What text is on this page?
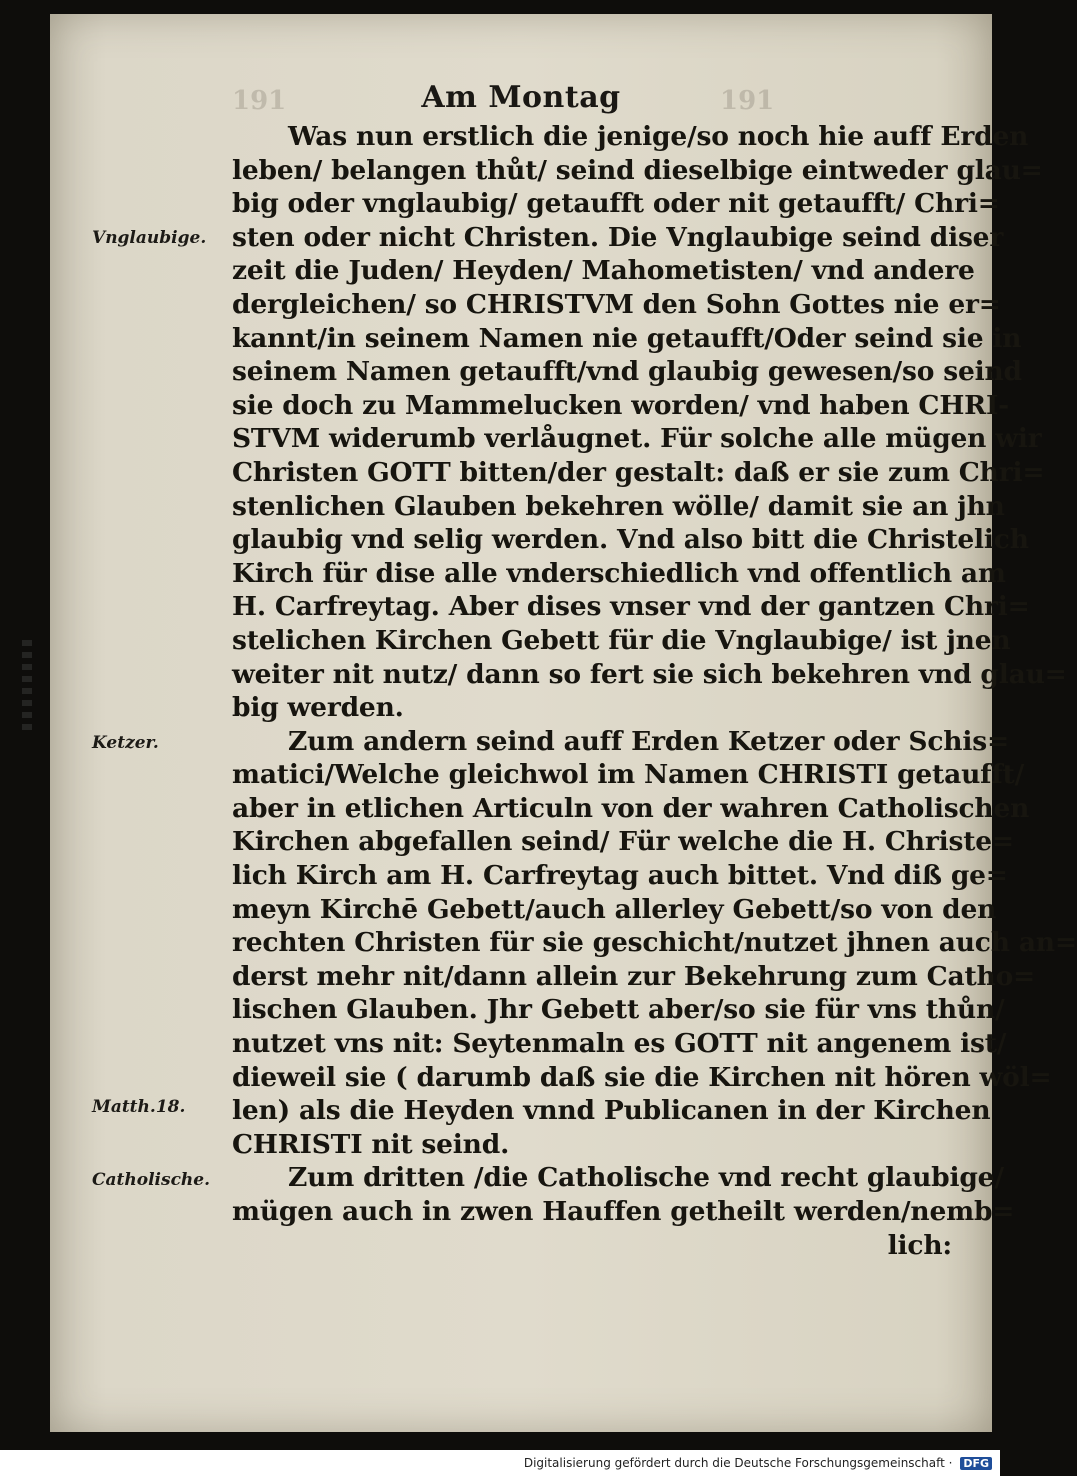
191	191
Am Montag
Vnglaubige.
Ketzer.
Matth.18.
Catholische.
Was nun erstlich die jenige/so noch hie auff Erden
leben/ belangen thůt/ seind dieselbige eintweder glau=
big oder vnglaubig/ getaufft oder nit getaufft/ Chri=
sten oder nicht Christen. Die Vnglaubige seind diser
zeit die Juden/ Heyden/ Mahometisten/ vnd andere
dergleichen/ so CHRISTVM den Sohn Gottes nie er=
kannt/in seinem Namen nie getaufft/Oder seind sie in
seinem Namen getaufft/vnd glaubig gewesen/so seind
sie doch zu Mammelucken worden/ vnd haben CHRI-
STVM widerumb verlåugnet. Für solche alle mügen wir
Christen GOTT bitten/der gestalt: daß er sie zum Chri=
stenlichen Glauben bekehren wölle/ damit sie an jhn
glaubig vnd selig werden. Vnd also bitt die Christelich
Kirch für dise alle vnderschiedlich vnd offentlich am
H. Carfreytag. Aber dises vnser vnd der gantzen Chri=
stelichen Kirchen Gebett für die Vnglaubige/ ist jnen
weiter nit nutz/ dann so fert sie sich bekehren vnd glau=
big werden.
Zum andern seind auff Erden Ketzer oder Schis=
matici/Welche gleichwol im Namen CHRISTI getaufft/
aber in etlichen Articuln von der wahren Catholischen
Kirchen abgefallen seind/ Für welche die H. Christe=
lich Kirch am H. Carfreytag auch bittet. Vnd diß ge=
meyn Kirchē Gebett/auch allerley Gebett/so von den
rechten Christen für sie geschicht/nutzet jhnen auch an=
derst mehr nit/dann allein zur Bekehrung zum Catho=
lischen Glauben. Jhr Gebett aber/so sie für vns thůn/
nutzet vns nit: Seytenmaln es GOTT nit angenem ist/
dieweil sie ( darumb daß sie die Kirchen nit hören wöl=
len) als die Heyden vnnd Publicanen in der Kirchen
CHRISTI nit seind.
Zum dritten /die Catholische vnd recht glaubige/
mügen auch in zwen Hauffen getheilt werden/nemb=
lich:
Digitalisierung gefördert durch die Deutsche Forschungsgemeinschaft · DFG
